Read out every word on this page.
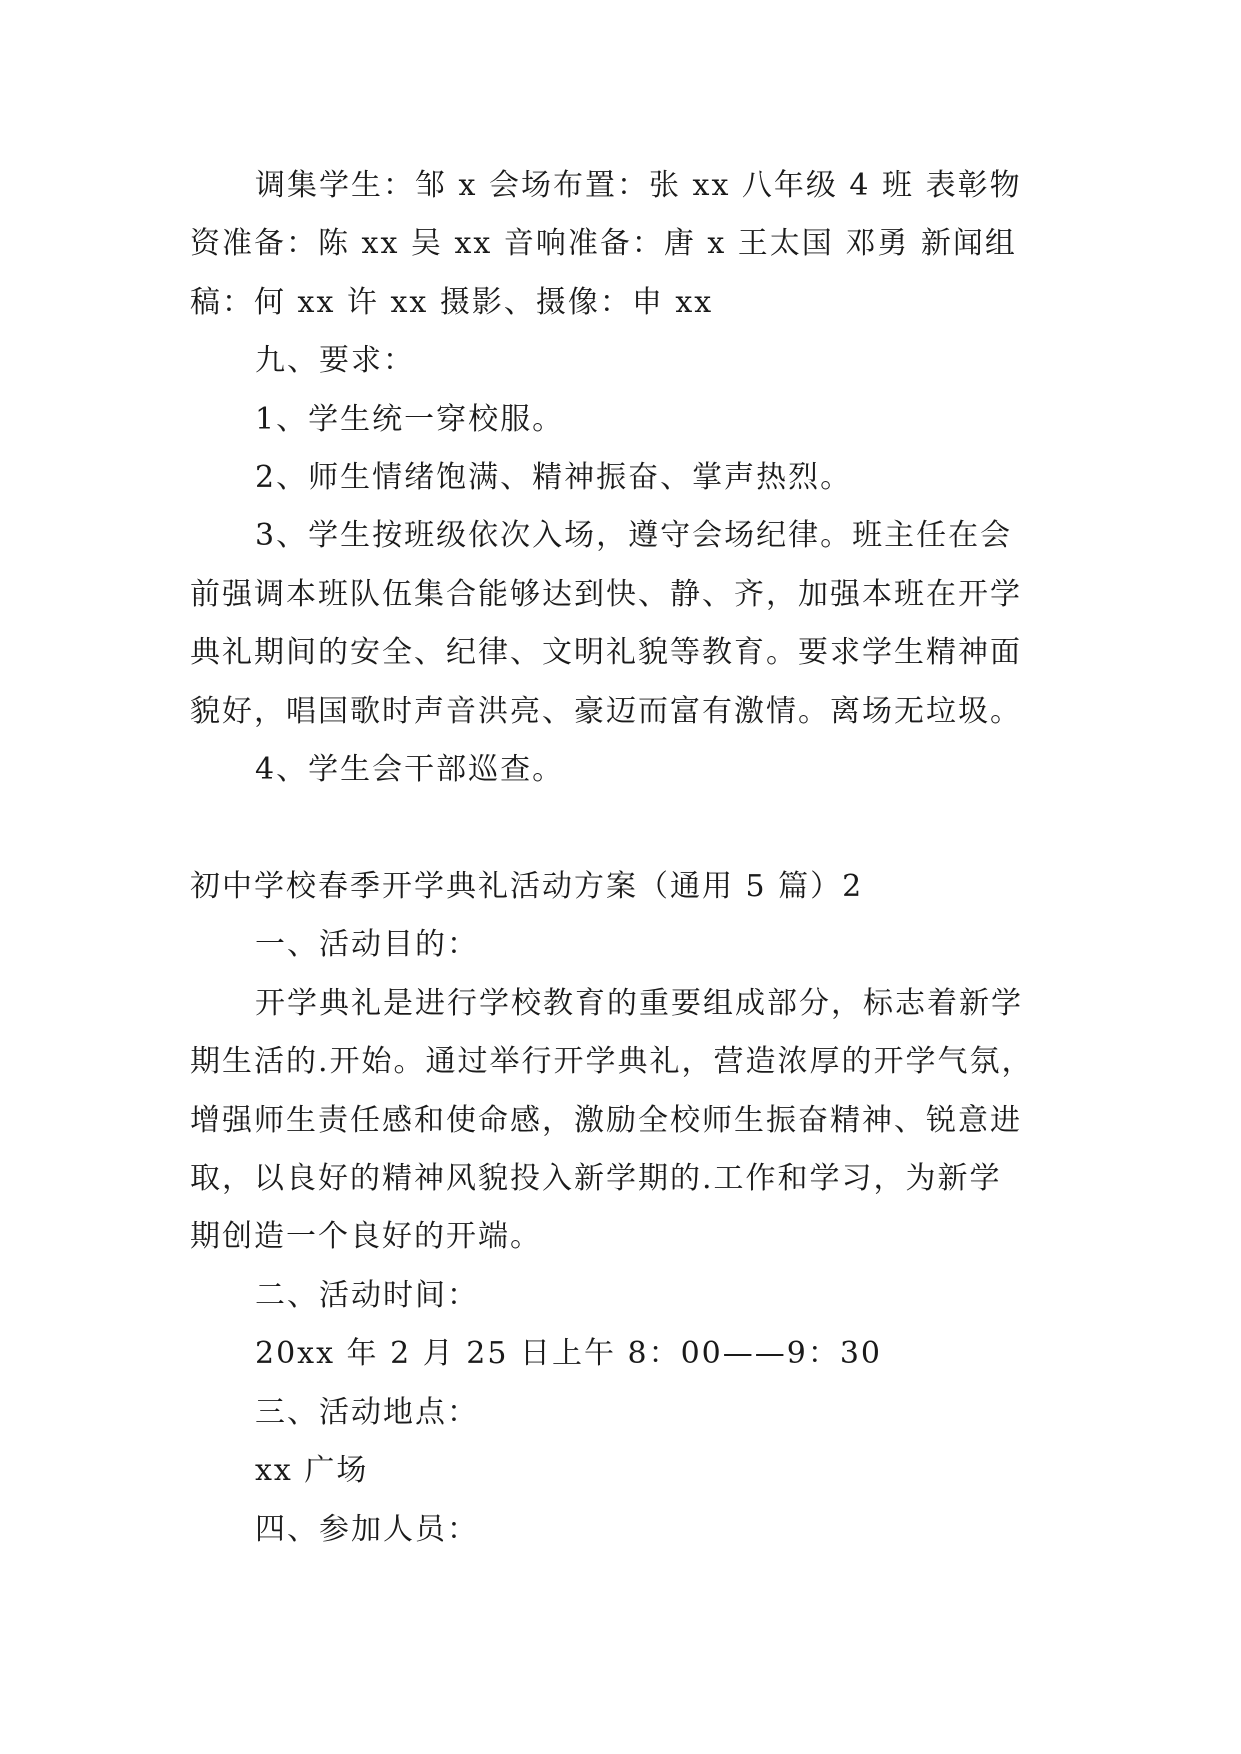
调集学生：邹 x 会场布置：张 xx 八年级 4 班 表彰物
资准备：陈 xx 吴 xx 音响准备：唐 x 王太国 邓勇 新闻组
稿：何 xx 许 xx 摄影、摄像：申 xx
九、要求：
1、学生统一穿校服。
2、师生情绪饱满、精神振奋、掌声热烈。
3、学生按班级依次入场，遵守会场纪律。班主任在会
前强调本班队伍集合能够达到快、静、齐，加强本班在开学
典礼期间的安全、纪律、文明礼貌等教育。要求学生精神面
貌好，唱国歌时声音洪亮、豪迈而富有激情。离场无垃圾。
4、学生会干部巡查。
初中学校春季开学典礼活动方案（通用 5 篇）2
一、活动目的：
开学典礼是进行学校教育的重要组成部分，标志着新学
期生活的.开始。通过举行开学典礼，营造浓厚的开学气氛，
增强师生责任感和使命感，激励全校师生振奋精神、锐意进
取，以良好的精神风貌投入新学期的.工作和学习，为新学
期创造一个良好的开端。
二、活动时间：
20xx 年 2 月 25 日上午 8：00——9：30
三、活动地点：
xx 广场
四、参加人员：
